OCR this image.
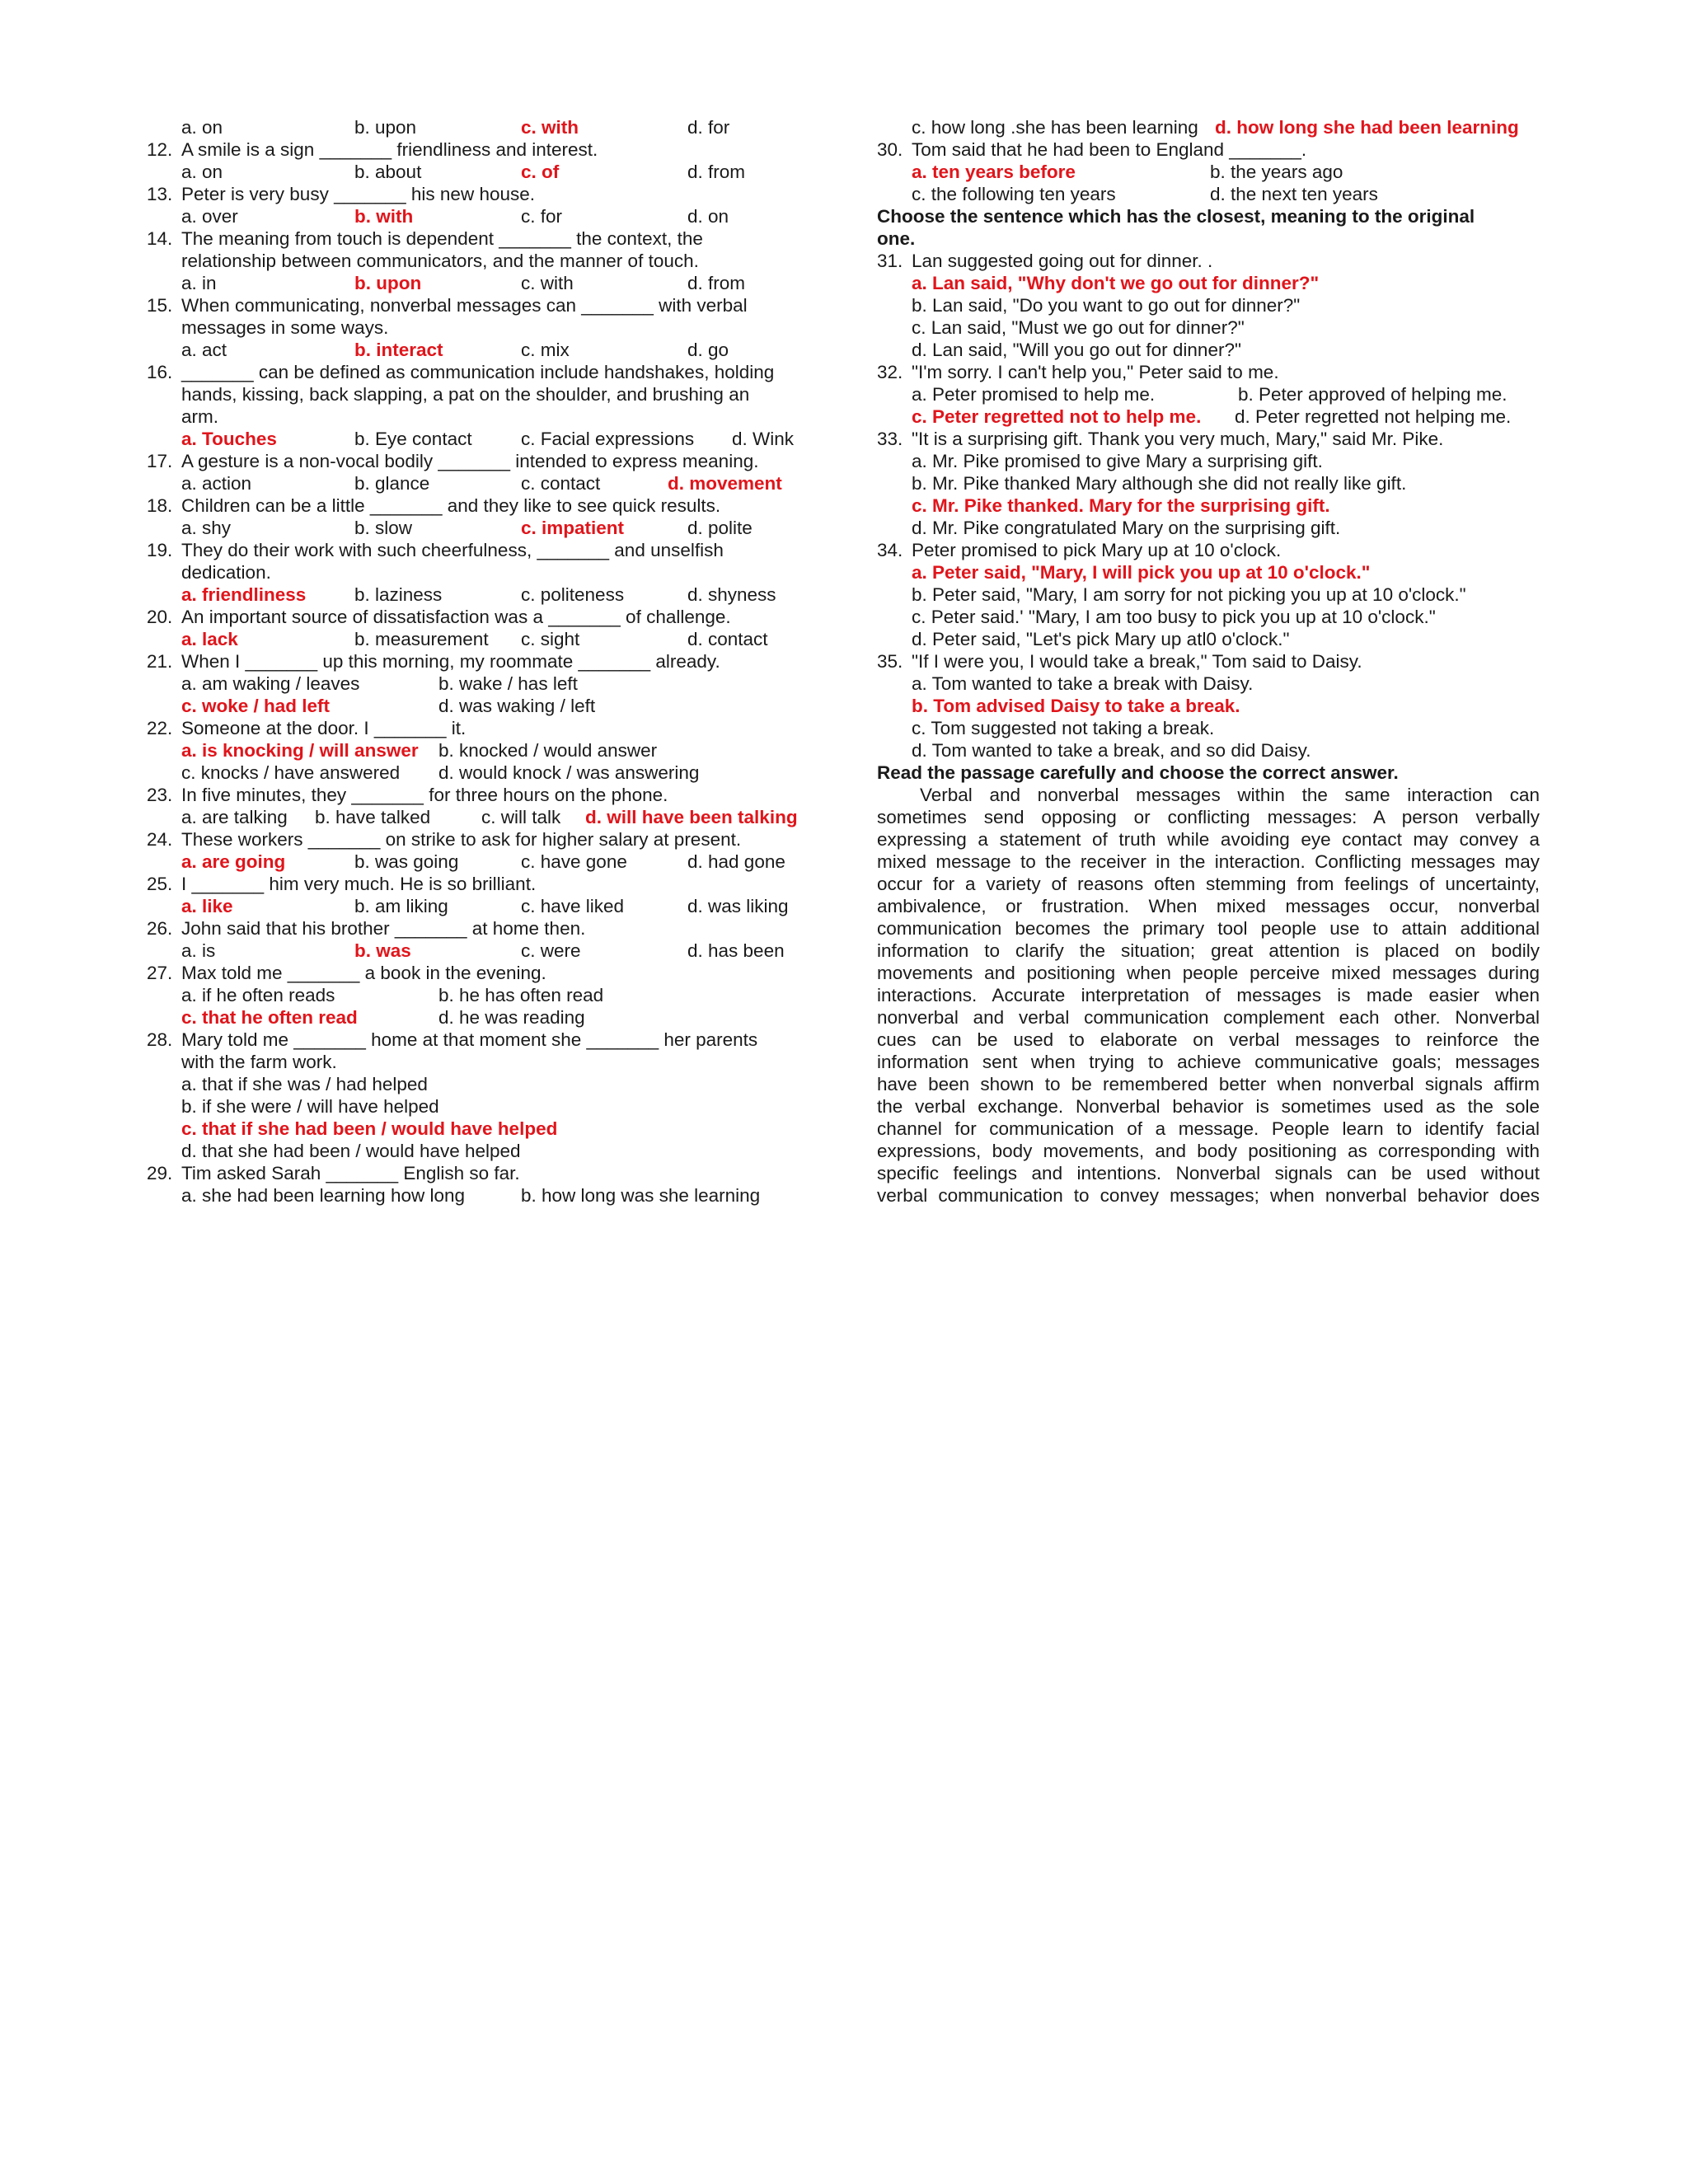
a. on	b. upon	c. with	d. for
12. A smile is a sign _______ friendliness and interest.
a. on	b. about	c. of	d. from
13. Peter is very busy _______ his new house.
a. over	b. with	c. for	d. on
14. The meaning from touch is dependent _______ the context, the
relationship between communicators, and the manner of touch.
a. in	b. upon	c. with	d. from
15. When communicating, nonverbal messages can _______ with verbal
messages in some ways.
a. act	b. interact	c. mix	d. go
16. _______ can be defined as communication include handshakes, holding
hands, kissing, back slapping, a pat on the shoulder, and brushing an
arm.
a. Touches	b. Eye contact	c. Facial expressions d. Wink
17. A gesture is a non-vocal bodily _______ intended to express meaning.
a. action	b. glance	c. contact	d. movement
18. Children can be a little _______ and they like to see quick results.
a. shy	b. slow	c. impatient	d. polite
19. They do their work with such cheerfulness, _______ and unselfish
dedication.
a. friendliness	b. laziness	c. politeness	d. shyness
20. An important source of dissatisfaction was a _______ of challenge.
a. lack	b. measurement c. sight	d. contact
21. When I _______ up this morning, my roommate _______ already.
a. am waking / leaves	b. wake / has left
c. woke / had left	d. was waking / left
22. Someone at the door. I _______ it.
a. is knocking / will answer b. knocked / would answer
c. knocks / have answered d. would knock / was answering
23. In five minutes, they _______ for three hours on the phone.
a. are talking b. have talked	c. will talk d. will have been talking
24. These workers _______ on strike to ask for higher salary at present.
a. are going	b. was going	c. have gone	d. had gone
25. I _______ him very much. He is so brilliant.
a. like	b. am liking	c. have liked	d. was liking
26. John said that his brother _______ at home then.
a. is	b. was	c. were	d. has been
27. Max told me _______ a book in the evening.
a. if he often reads	b. he has often read
c. that he often read	d. he was reading
28. Mary told me _______ home at that moment she _______ her parents
with the farm work.
a. that if she was / had helped
b. if she were / will have helped
c. that if she had been / would have helped
d. that she had been / would have helped
29. Tim asked Sarah _______ English so far.
a. she had been learning how long	b. how long was she learning
c. how long .she has been learning d. how long she had been learning
30. Tom said that he had been to England _______.
a. ten years before	b. the years ago
c. the following ten years	d. the next ten years
Choose the sentence which has the closest, meaning to the original
one.
31. Lan suggested going out for dinner. .
a. Lan said, "Why don't we go out for dinner?"
b. Lan said, "Do you want to go out for dinner?"
c. Lan said, "Must we go out for dinner?"
d. Lan said, "Will you go out for dinner?"
32. "I'm sorry. I can't help you," Peter said to me.
a. Peter promised to help me.	b. Peter approved of helping me.
c. Peter regretted not to help me. d. Peter regretted not helping me.
33. "It is a surprising gift. Thank you very much, Mary," said Mr. Pike.
a. Mr. Pike promised to give Mary a surprising gift.
b. Mr. Pike thanked Mary although she did not really like gift.
c. Mr. Pike thanked. Mary for the surprising gift.
d. Mr. Pike congratulated Mary on the surprising gift.
34. Peter promised to pick Mary up at 10 o'clock.
a. Peter said, "Mary, I will pick you up at 10 o'clock."
b. Peter said, "Mary, I am sorry for not picking you up at 10 o'clock."
c. Peter said.' "Mary, I am too busy to pick you up at 10 o'clock."
d. Peter said, "Let's pick Mary up atl0 o'clock."
35. "If I were you, I would take a break," Tom said to Daisy.
a. Tom wanted to take a break with Daisy.
b. Tom advised Daisy to take a break.
c. Tom suggested not taking a break.
d. Tom wanted to take a break, and so did Daisy.
Read the passage carefully and choose the correct answer.
Verbal and nonverbal messages within the same interaction can
sometimes send opposing or conflicting messages: A person verbally
expressing a statement of truth while avoiding eye contact may convey a
mixed message to the receiver in the interaction. Conflicting messages may
occur for a variety of reasons often stemming from feelings of uncertainty,
ambivalence, or frustration. When mixed messages occur, nonverbal
communication becomes the primary tool people use to attain additional
information to clarify the situation; great attention is placed on bodily
movements and positioning when people perceive mixed messages during
interactions. Accurate interpretation of messages is made easier when
nonverbal and verbal communication complement each other. Nonverbal
cues can be used to elaborate on verbal messages to reinforce the
information sent when trying to achieve communicative goals; messages
have been shown to be remembered better when nonverbal signals affirm
the verbal exchange. Nonverbal behavior is sometimes used as the sole
channel for communication of a message. People learn to identify facial
expressions, body movements, and body positioning as corresponding with
specific feelings and intentions. Nonverbal signals can be used without
verbal communication to convey messages; when nonverbal behavior does
